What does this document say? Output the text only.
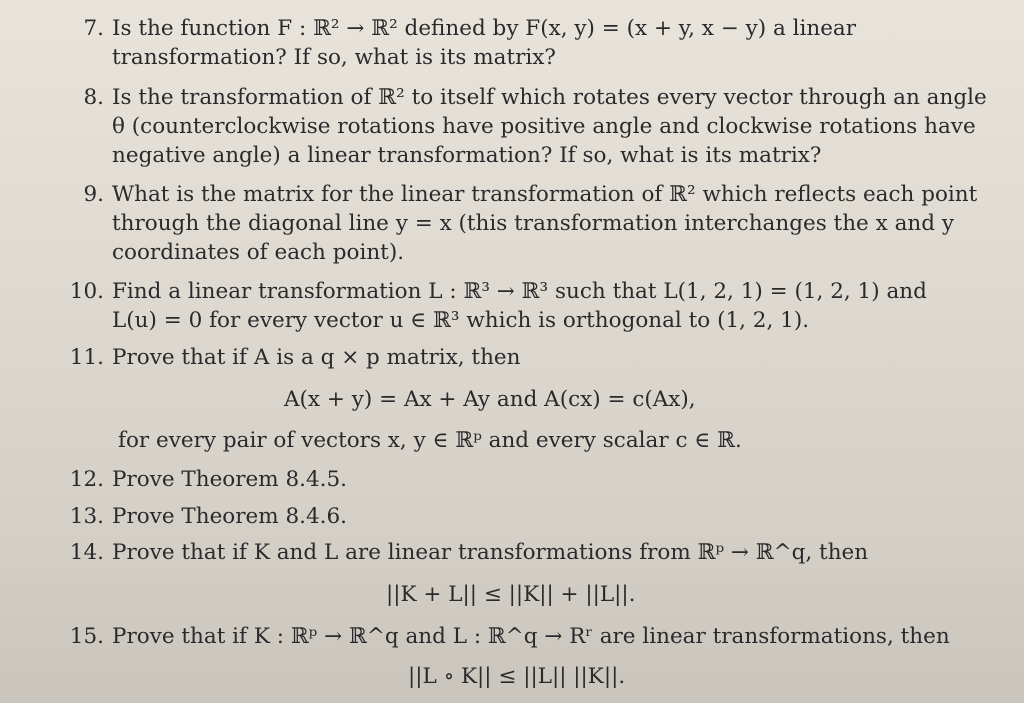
7. Is the function F : ℝ² → ℝ² defined by F(x, y) = (x + y, x − y) a linear
transformation? If so, what is its matrix?
8. Is the transformation of ℝ² to itself which rotates every vector through an angle
θ (counterclockwise rotations have positive angle and clockwise rotations have
negative angle) a linear transformation? If so, what is its matrix?
9. What is the matrix for the linear transformation of ℝ² which reflects each point
through the diagonal line y = x (this transformation interchanges the x and y
coordinates of each point).
10. Find a linear transformation L : ℝ³ → ℝ³ such that L(1, 2, 1) = (1, 2, 1) and
L(u) = 0 for every vector u ∈ ℝ³ which is orthogonal to (1, 2, 1).
11. Prove that if A is a q × p matrix, then
A(x + y) = Ax + Ay and A(cx) = c(Ax),
for every pair of vectors x, y ∈ ℝᵖ and every scalar c ∈ ℝ.
12. Prove Theorem 8.4.5.
13. Prove Theorem 8.4.6.
14. Prove that if K and L are linear transformations from ℝᵖ → ℝ^q, then
||K + L|| ≤ ||K|| + ||L||.
15. Prove that if K : ℝᵖ → ℝ^q and L : ℝ^q → Rʳ are linear transformations, then
||L ∘ K|| ≤ ||L|| ||K||.
